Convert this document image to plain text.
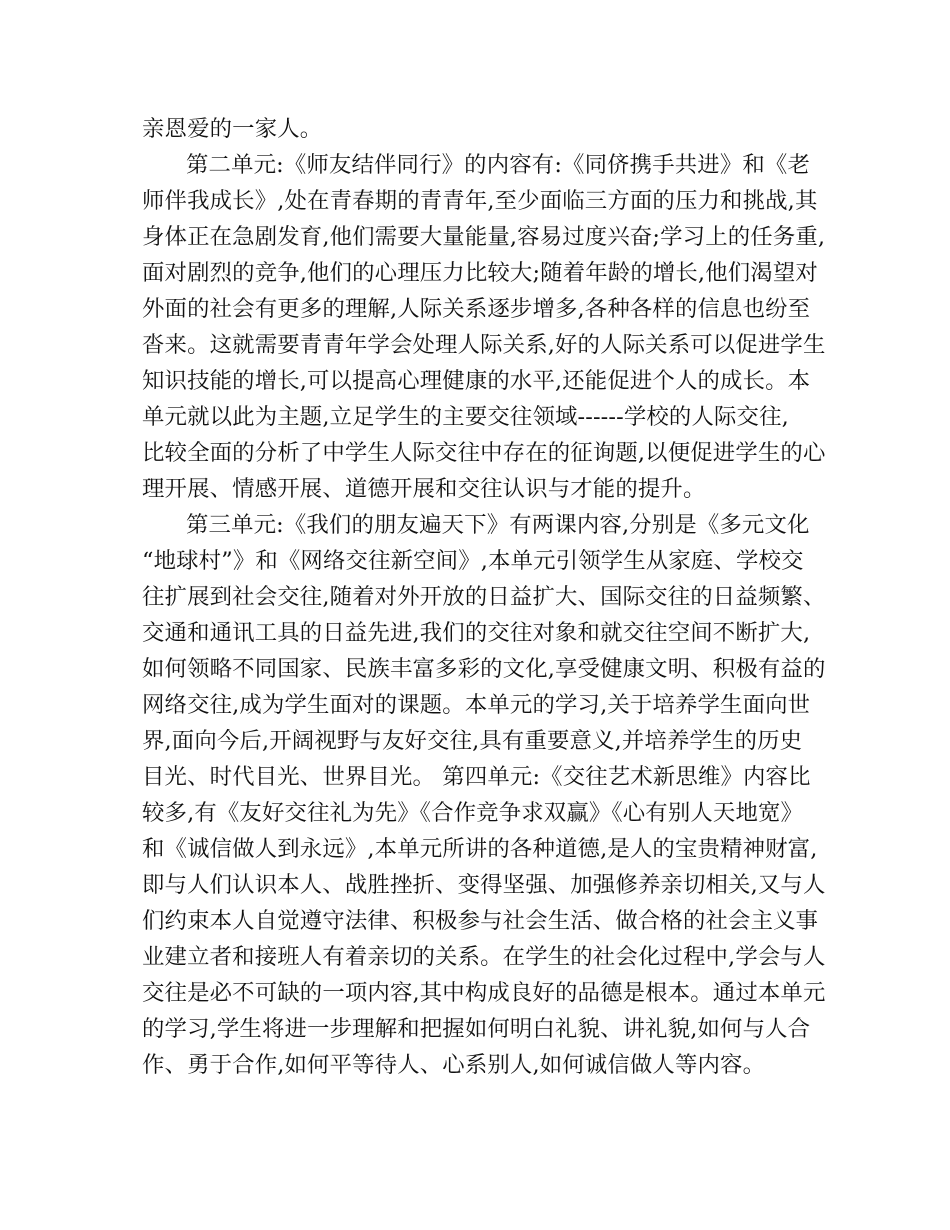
亲恩爱的一家人。
第二单元:《师友结伴同行》的内容有:《同侪携手共进》和《老
师伴我成长》,处在青春期的青青年,至少面临三方面的压力和挑战,其
身体正在急剧发育,他们需要大量能量,容易过度兴奋;学习上的任务重,
面对剧烈的竞争,他们的心理压力比较大;随着年龄的增长,他们渴望对
外面的社会有更多的理解,人际关系逐步增多,各种各样的信息也纷至
沓来。这就需要青青年学会处理人际关系,好的人际关系可以促进学生
知识技能的增长,可以提高心理健康的水平,还能促进个人的成长。本
单元就以此为主题,立足学生的主要交往领域------学校的人际交往,
比较全面的分析了中学生人际交往中存在的征询题,以便促进学生的心
理开展、情感开展、道德开展和交往认识与才能的提升。
第三单元:《我们的朋友遍天下》有两课内容,分别是《多元文化
“地球村”》和《网络交往新空间》,本单元引领学生从家庭、学校交
往扩展到社会交往,随着对外开放的日益扩大、国际交往的日益频繁、
交通和通讯工具的日益先进,我们的交往对象和就交往空间不断扩大,
如何领略不同国家、民族丰富多彩的文化,享受健康文明、积极有益的
网络交往,成为学生面对的课题。本单元的学习,关于培养学生面向世
界,面向今后,开阔视野与友好交往,具有重要意义,并培养学生的历史
目光、时代目光、世界目光。 第四单元:《交往艺术新思维》内容比
较多,有《友好交往礼为先》《合作竞争求双赢》《心有别人天地宽》
和《诚信做人到永远》,本单元所讲的各种道德,是人的宝贵精神财富,
即与人们认识本人、战胜挫折、变得坚强、加强修养亲切相关,又与人
们约束本人自觉遵守法律、积极参与社会生活、做合格的社会主义事
业建立者和接班人有着亲切的关系。在学生的社会化过程中,学会与人
交往是必不可缺的一项内容,其中构成良好的品德是根本。通过本单元
的学习,学生将进一步理解和把握如何明白礼貌、讲礼貌,如何与人合
作、勇于合作,如何平等待人、心系别人,如何诚信做人等内容。
